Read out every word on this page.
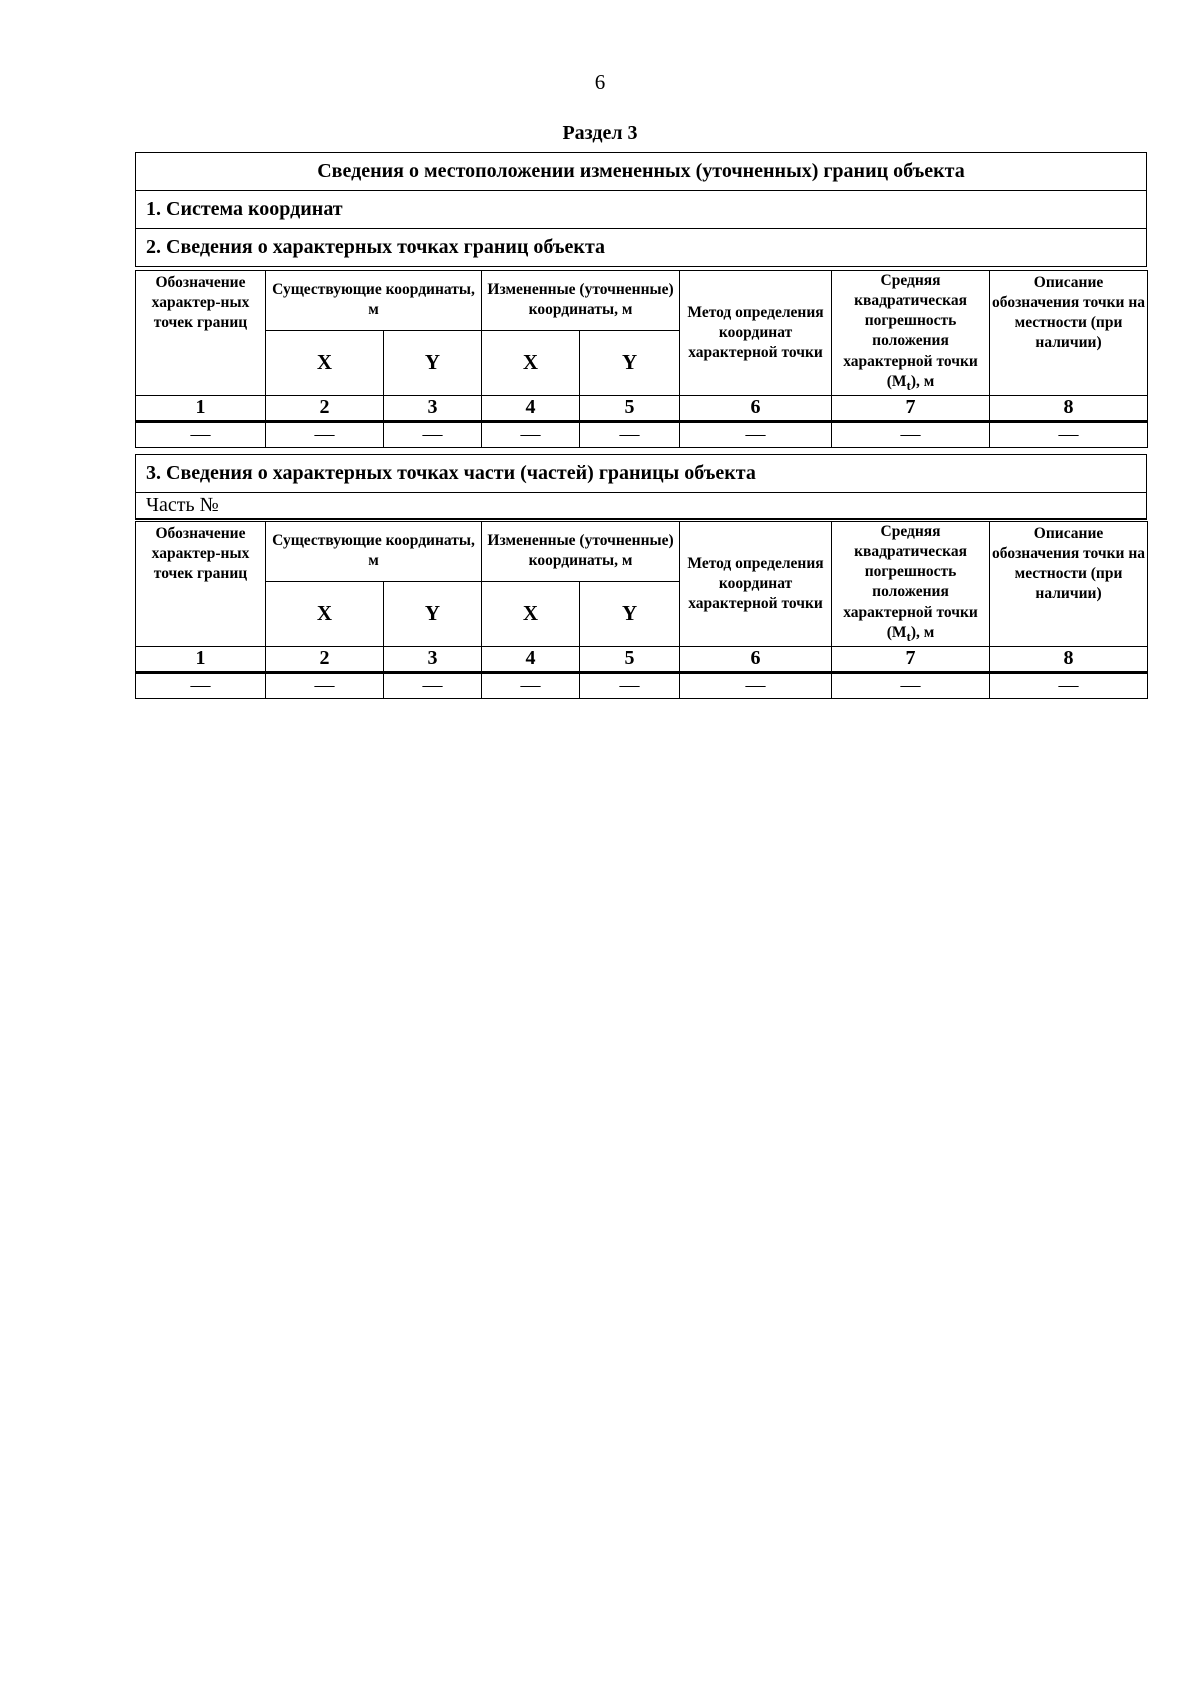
6
Раздел 3
Сведения о местоположении измененных (уточненных) границ объекта
1. Система координат
2. Сведения о характерных точках границ объекта
Обозначение характер-ных точек границ	Существующие координаты, м		Измененные (уточненные) координаты, м		Метод определения координат характерной точки	Средняя квадратическая погрешность положения характерной точки $(M_t)$, м	Описание обозначения точки на местности (при наличии)
	X	Y	X	Y			
1	2	3	4	5	6	7	8
—	—	—	—	—	—	—	—
3. Сведения о характерных точках части (частей) границы объекта
Часть №
Обозначение характер-ных точек границ	Существующие координаты, м		Измененные (уточненные) координаты, м		Метод определения координат характерной точки	Средняя квадратическая погрешность положения характерной точки $(M_t)$, м	Описание обозначения точки на местности (при наличии)
	X	Y	X	Y			
1	2	3	4	5	6	7	8
—	—	—	—	—	—	—	—
